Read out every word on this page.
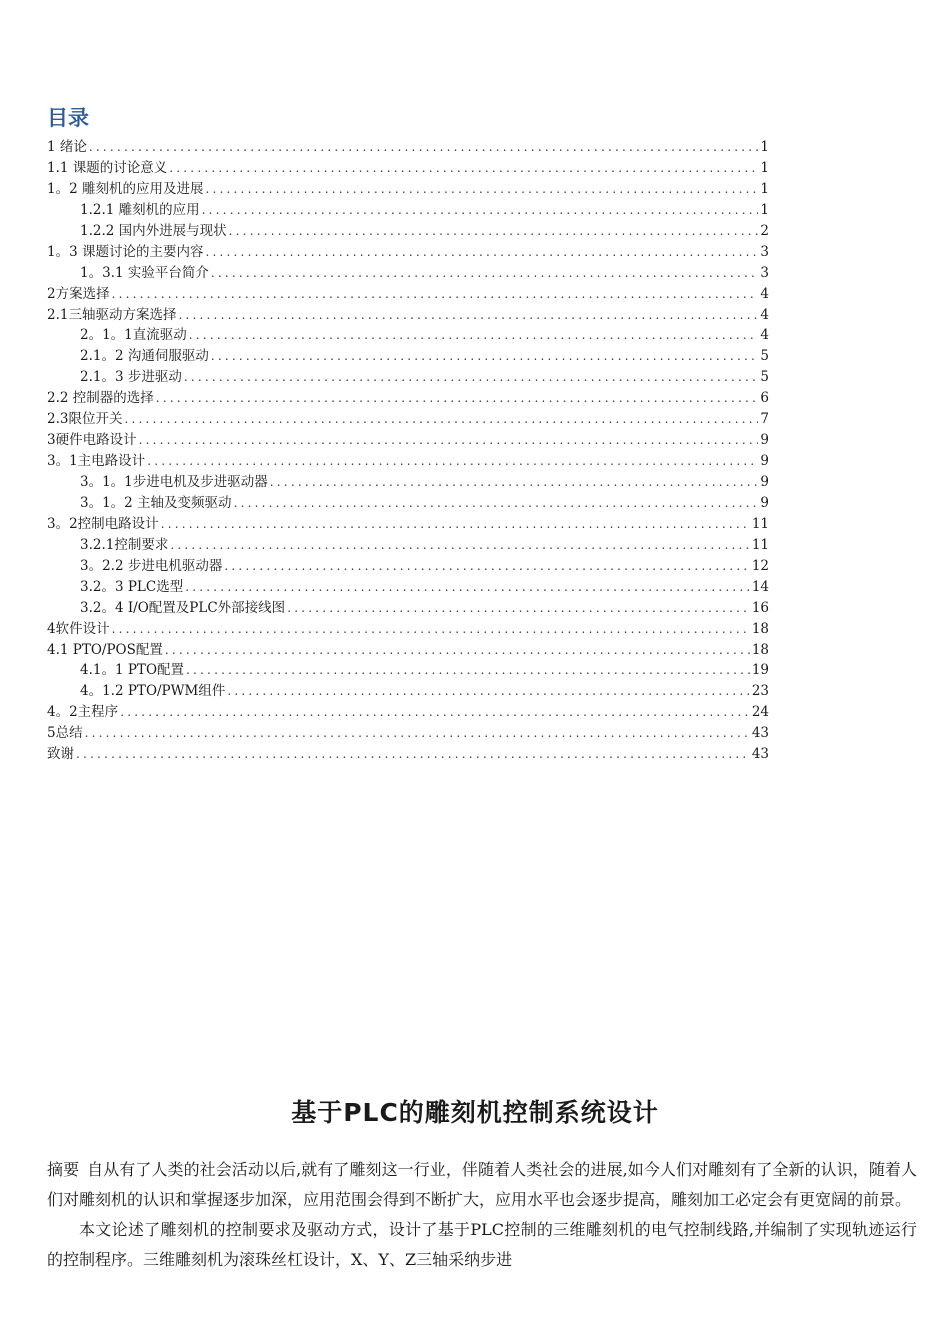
目录
1 绪论 .....	1
1.1 课题的讨论意义 .....	1
1。2 雕刻机的应用及进展 .....	1
1.2.1 雕刻机的应用 .....	1
1.2.2 国内外进展与现状 .....	2
1。3 课题讨论的主要内容 .....	3
1。3.1 实验平台简介 .....	3
2方案选择 .....	4
2.1三轴驱动方案选择 .....	4
2。1。1直流驱动 .....	4
2.1。2 沟通伺服驱动 .....	5
2.1。3 步进驱动 .....	5
2.2 控制器的选择 .....	6
2.3限位开关 .....	7
3硬件电路设计 .....	9
3。1主电路设计 .....	9
3。1。1步进电机及步进驱动器 .....	9
3。1。2 主轴及变频驱动 .....	9
3。2控制电路设计 .....	11
3.2.1控制要求 .....	11
3。2.2 步进电机驱动器 .....	12
3.2。3 PLC选型 .....	14
3.2。4 I/O配置及PLC外部接线图 .....	16
4软件设计 .....	18
4.1 PTO/POS配置 .....	18
4.1。1 PTO配置 .....	19
4。1.2 PTO/PWM组件 .....	23
4。2主程序 .....	24
5总结 .....	43
致谢 .....	43
基于PLC的雕刻机控制系统设计

摘要 自从有了人类的社会活动以后,就有了雕刻这一行业，伴随着人类社会的进展,如今人们对雕刻有了全新的认识，随着人们对雕刻机的认识和掌握逐步加深，应用范围会得到不断扩大，应用水平也会逐步提高，雕刻加工必定会有更宽阔的前景。

本文论述了雕刻机的控制要求及驱动方式，设计了基于PLC控制的三维雕刻机的电气控制线路,并编制了实现轨迹运行的控制程序。三维雕刻机为滚珠丝杠设计，X、Y、Z三轴采纳步进
